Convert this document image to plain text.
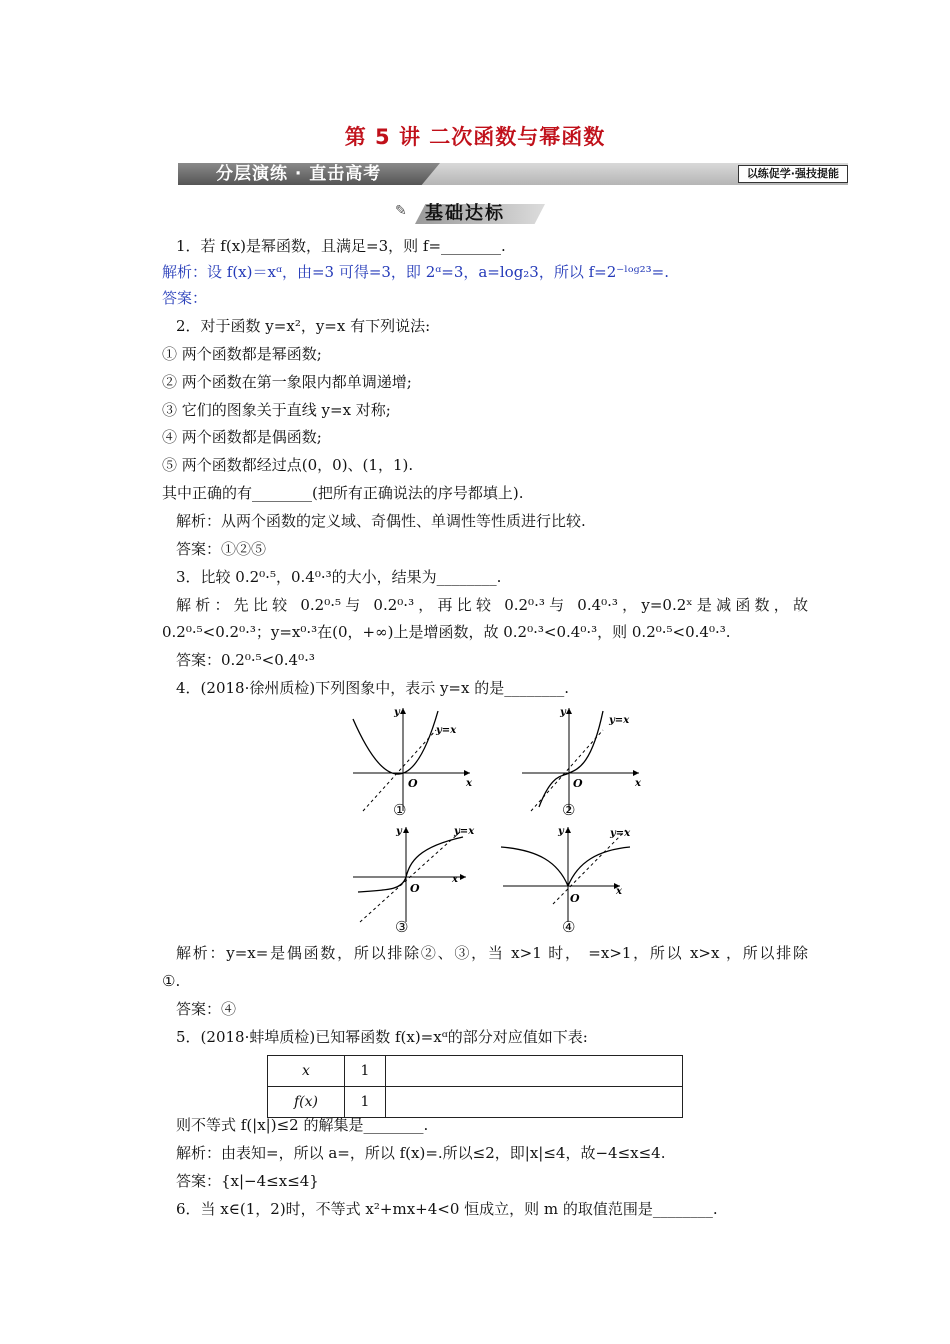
第 5 讲 二次函数与幂函数
分层演练 · 直击高考	以练促学·强技提能
✎ 基础达标
1．若 f(x)是幂函数，且满足=3，则 f=________.
解析：设 f(x)＝xᵅ，由=3 可得=3，即 2ᵅ=3，a=log₂3，所以 f=2⁻ˡᵒᵍ²³=.
答案：
2．对于函数 y=x²，y=x 有下列说法:
① 两个函数都是幂函数;
② 两个函数在第一象限内都单调递增;
③ 它们的图象关于直线 y=x 对称;
④ 两个函数都是偶函数;
⑤ 两个函数都经过点(0，0)、(1，1).
其中正确的有________(把所有正确说法的序号都填上).
解析：从两个函数的定义域、奇偶性、单调性等性质进行比较.
答案：①②⑤
3．比较 0.2⁰·⁵，0.4⁰·³的大小，结果为________.
解析：先比较 0.2⁰·⁵与 0.2⁰·³，再比较 0.2⁰·³与 0.4⁰·³，y=0.2ˣ是减函数，故
0.2⁰·⁵<0.2⁰·³；y=x⁰·³在(0，+∞)上是增函数，故 0.2⁰·³<0.4⁰·³，则 0.2⁰·⁵<0.4⁰·³.
答案：0.2⁰·⁵<0.4⁰·³
4．(2018·徐州质检)下列图象中，表示 y=x 的是________.
O
y
x
y=x
①
O
y
x
y=x
②
O
y
x
y=x
③
O
y
x
y=x
④
解析：y=x=是偶函数，所以排除②、③，当 x>1 时， =x>1，所以 x>x ，所以排除
①.
答案：④
5．(2018·蚌埠质检)已知幂函数 f(x)=xᵅ的部分对应值如下表:
x	1	
f(x)	1	
则不等式 f(|x|)≤2 的解集是________.
解析：由表知=，所以 a=，所以 f(x)=.所以≤2，即|x|≤4，故−4≤x≤4.
答案：{x|−4≤x≤4}
6．当 x∈(1，2)时，不等式 x²+mx+4<0 恒成立，则 m 的取值范围是________.
